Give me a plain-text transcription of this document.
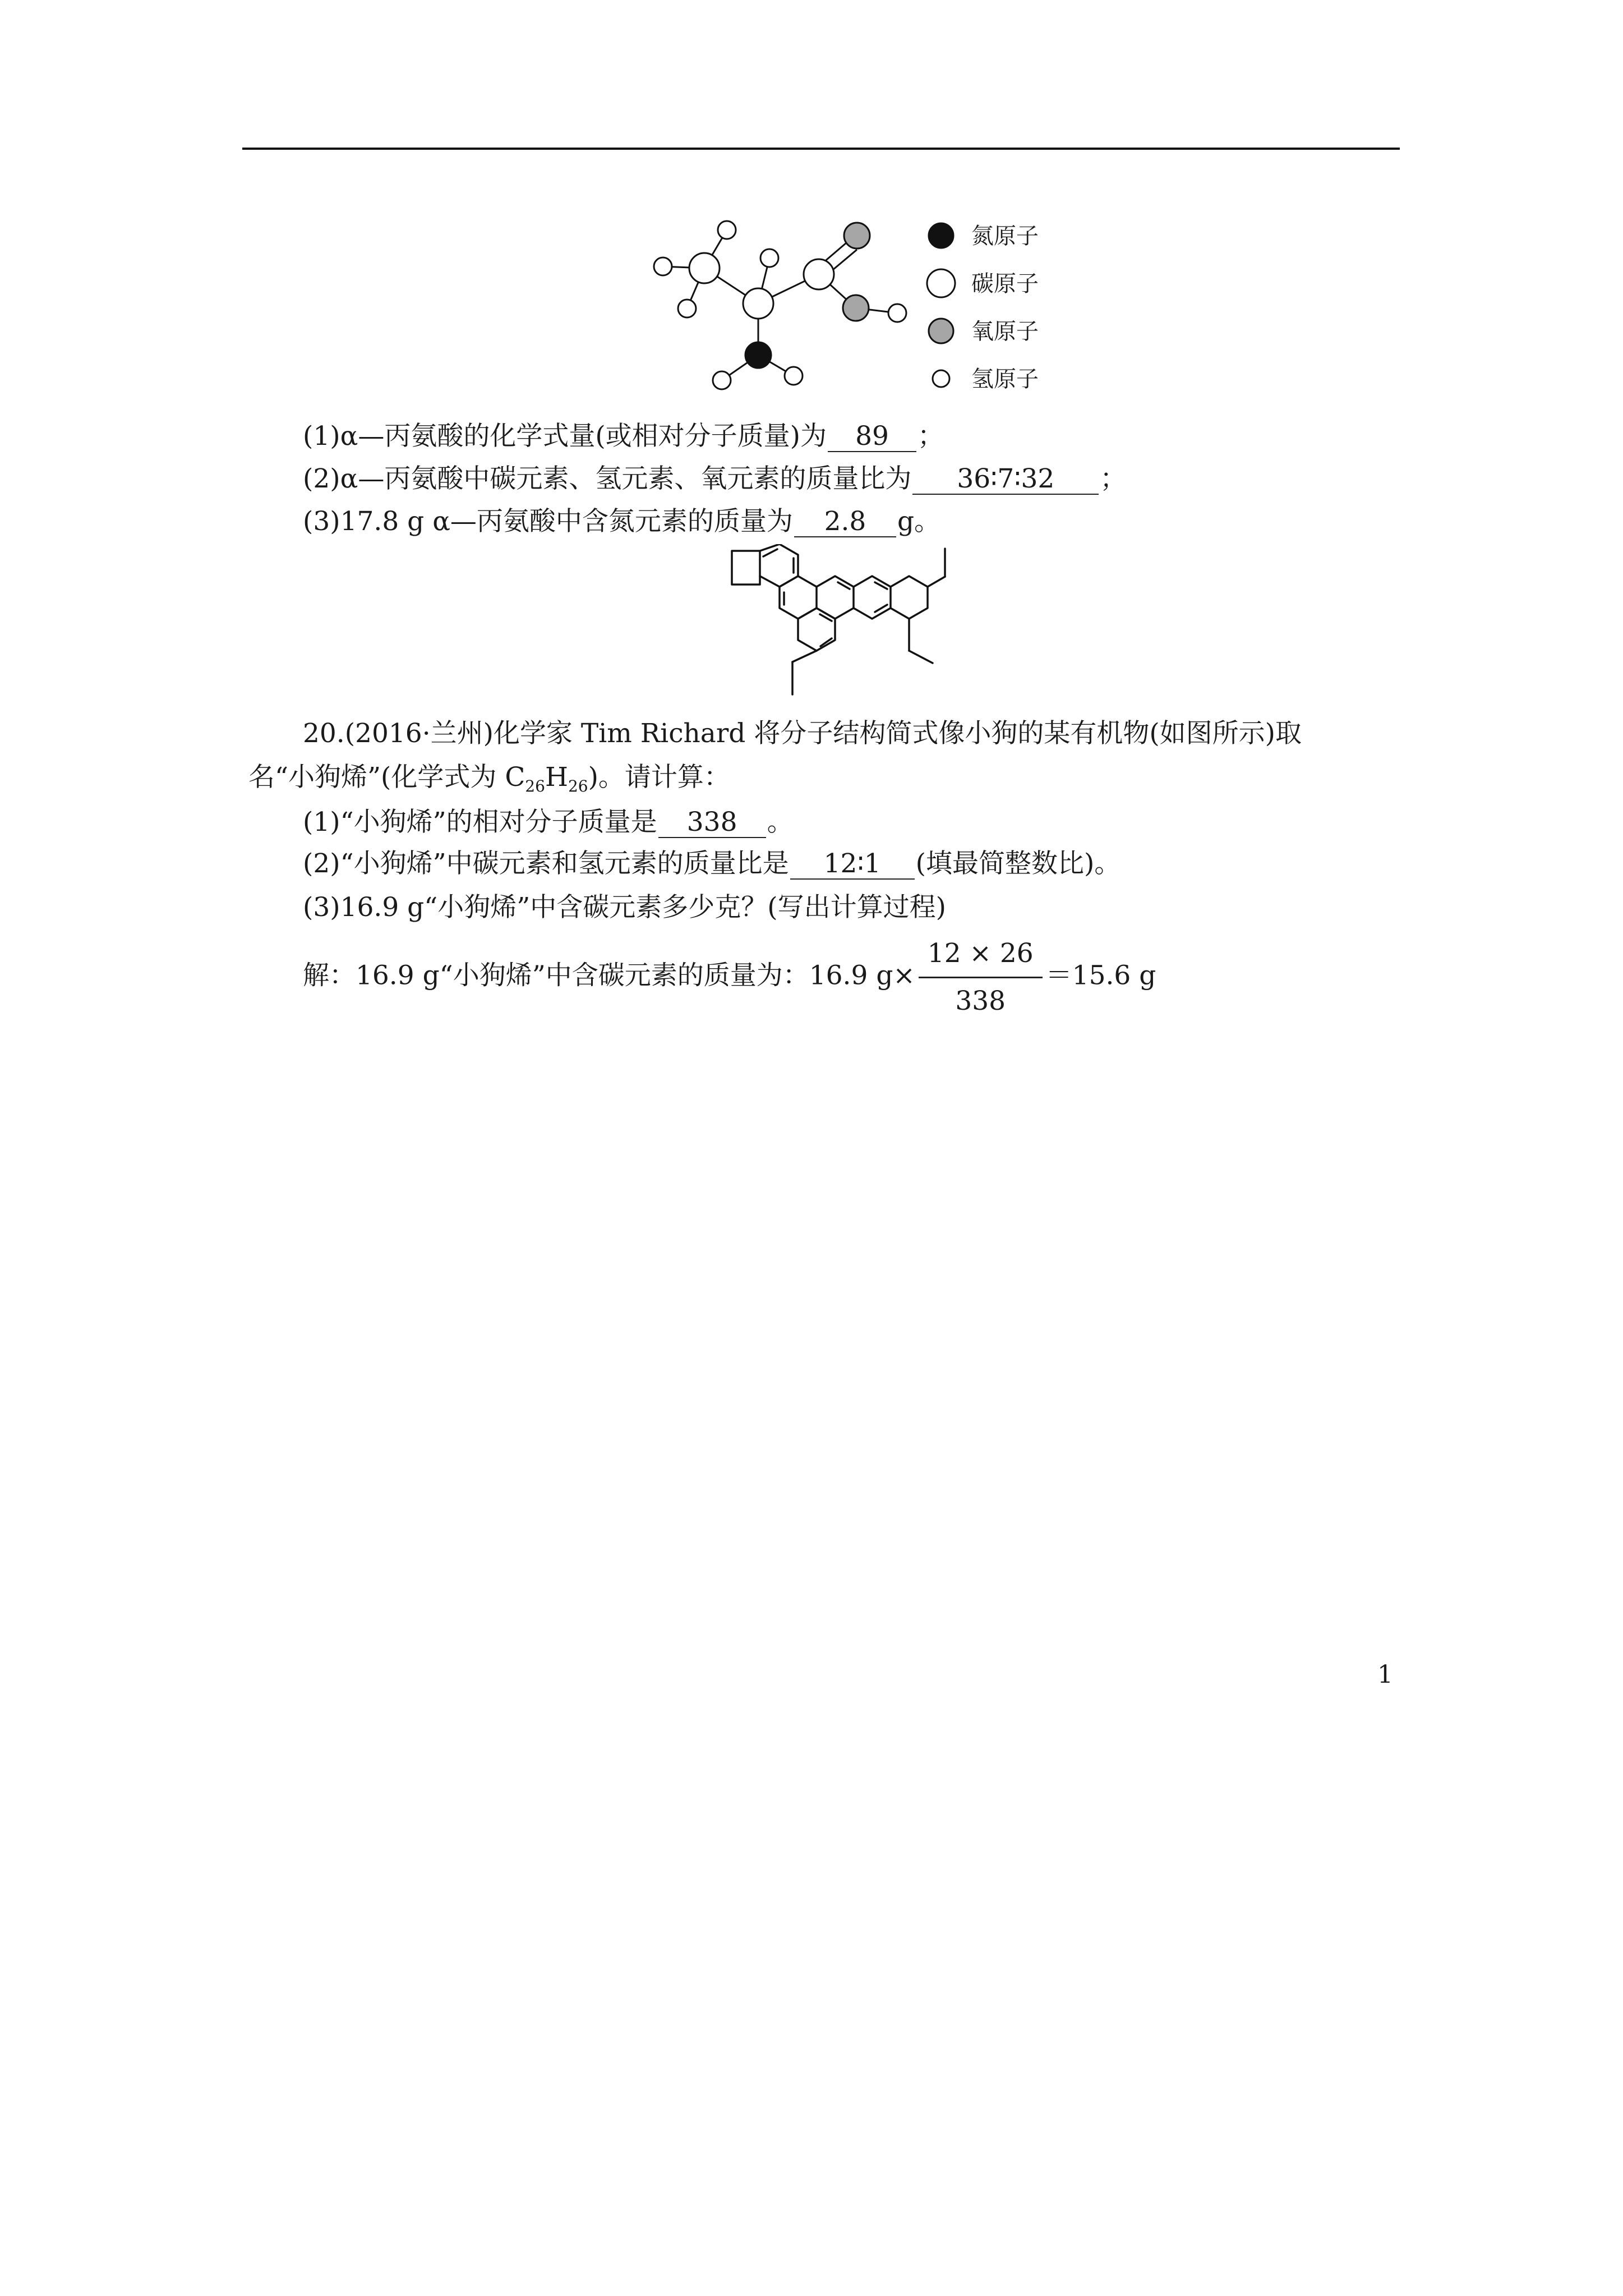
氮原子
碳原子
氧原子
氢原子
(1)α—丙氨酸的化学式量(或相对分子质量)为 89 ；
(2)α—丙氨酸中碳元素、氢元素、氧元素的质量比为 36∶7∶32 ；
(3)17.8 g α—丙氨酸中含氮元素的质量为 2.8 g。
20.(2016·兰州)化学家 Tim Richard 将分子结构简式像小狗的某有机物(如图所示)取
名“小狗烯”(化学式为 $C_{26}H_{26}$)。请计算：
(1)“小狗烯”的相对分子质量是 338 。
(2)“小狗烯”中碳元素和氢元素的质量比是 12∶1 (填最简整数比)。
(3)16.9 g“小狗烯”中含碳元素多少克？(写出计算过程)
解：16.9 g“小狗烯”中含碳元素的质量为：16.9 $g\times \frac{12 \times 26}{338} =15.6$ g
1
